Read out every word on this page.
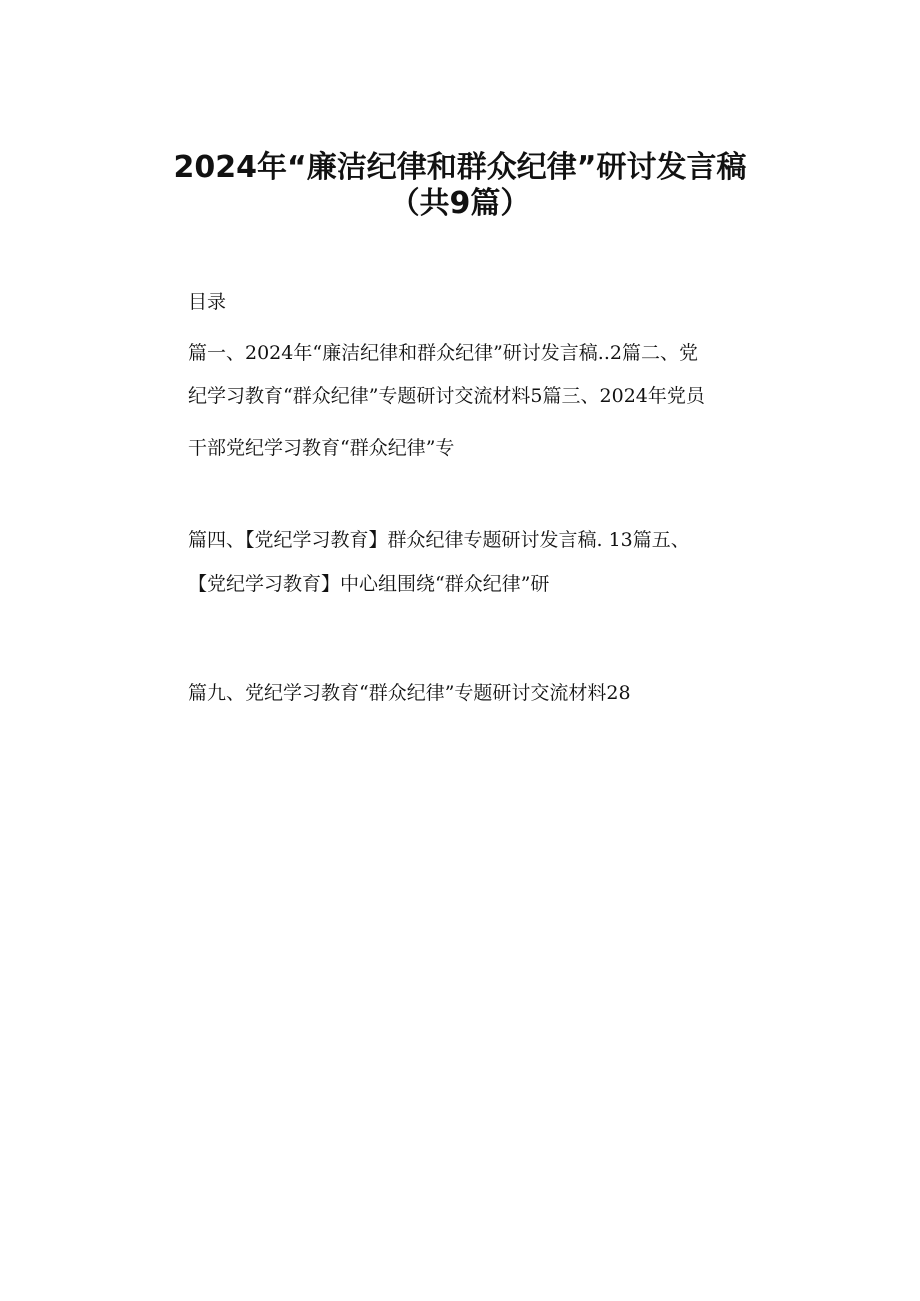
2024年“廉洁纪律和群众纪律”研讨发言稿
（共9篇）
目录
篇一、2024年“廉洁纪律和群众纪律”研讨发言稿..2篇二、党
纪学习教育“群众纪律”专题研讨交流材料5篇三、2024年党员
干部党纪学习教育“群众纪律”专
篇四、【党纪学习教育】群众纪律专题研讨发言稿. 13篇五、
【党纪学习教育】中心组围绕“群众纪律”研
篇九、党纪学习教育“群众纪律”专题研讨交流材料28
